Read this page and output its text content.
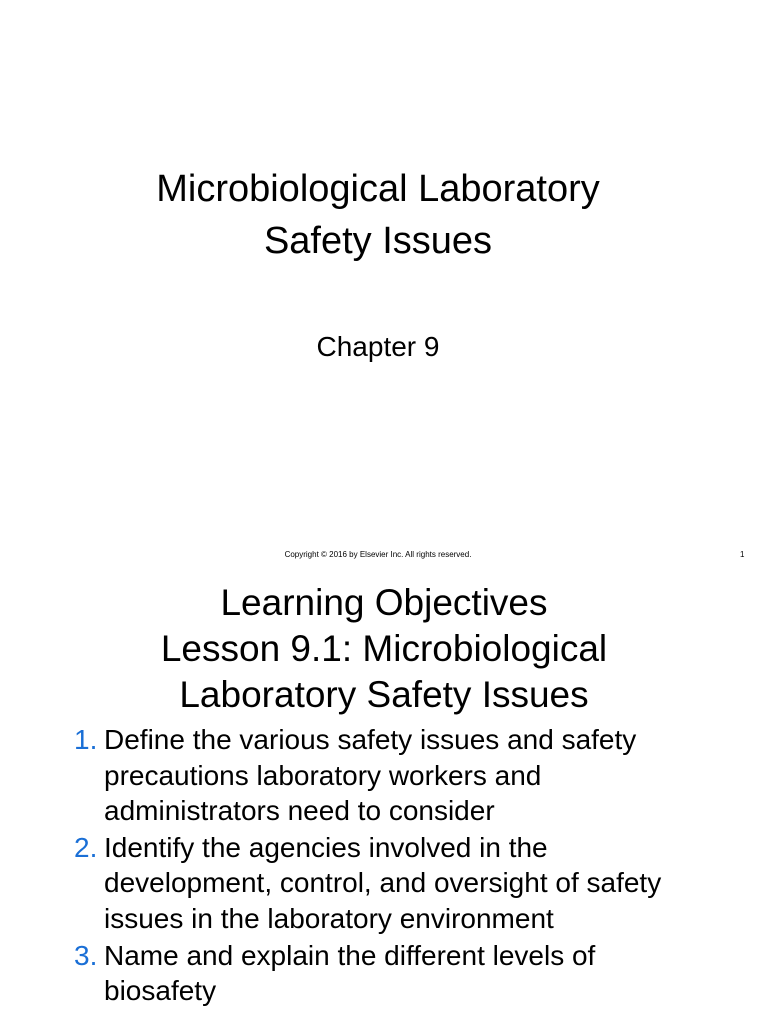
Microbiological Laboratory
Safety Issues
Chapter 9
Copyright © 2016 by Elsevier Inc. All rights reserved.	1
Learning Objectives
Lesson 9.1: Microbiological
Laboratory Safety Issues
1. Define the various safety issues and safety precautions laboratory workers and administrators need to consider
2. Identify the agencies involved in the development, control, and oversight of safety issues in the laboratory environment
3. Name and explain the different levels of biosafety
